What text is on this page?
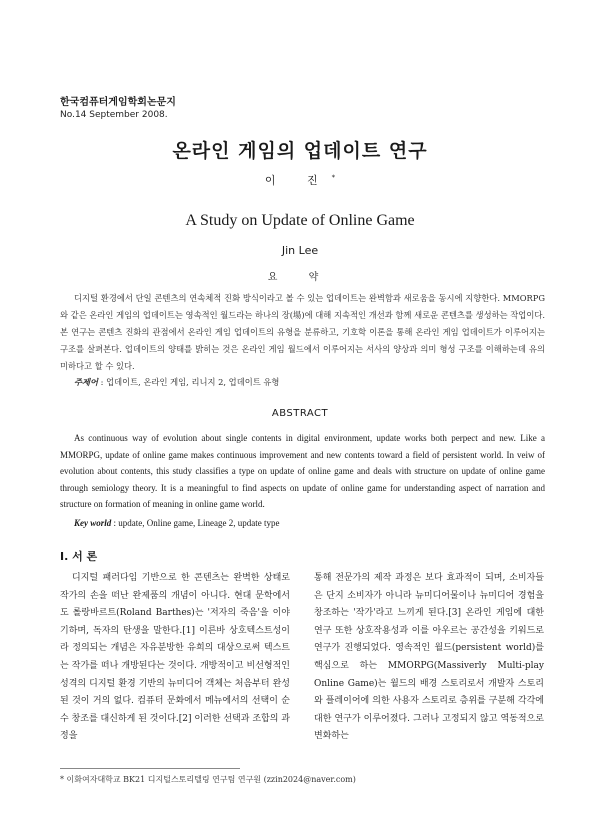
한국컴퓨터게임학회논문지
No.14 September 2008.
온라인 게임의 업데이트 연구
이 진*
A Study on Update of Online Game
Jin Lee
요 약

디지털 환경에서 단일 콘텐츠의 연속체적 진화 방식이라고 볼 수 있는 업데이트는 완벽함과 새로움을 동시에 지향한다. MMORPG와 같은 온라인 게임의 업데이트는 영속적인 월드라는 하나의 장(場)에 대해 지속적인 개선과 함께 새로운 콘텐츠를 생성하는 작업이다. 본 연구는 콘텐츠 진화의 관점에서 온라인 게임 업데이트의 유형을 분류하고, 기호학 이론을 통해 온라인 게임 업데이트가 이루어지는 구조를 살펴본다. 업데이트의 양태를 밝히는 것은 온라인 게임 월드에서 이루어지는 서사의 양상과 의미 형성 구조를 이해하는데 유의미하다고 할 수 있다.

주제어 : 업데이트, 온라인 게임, 리니지 2, 업데이트 유형
ABSTRACT

As continuous way of evolution about single contents in digital environment, update works both perpect and new. Like a MMORPG, update of online game makes continuous improvement and new contents toward a field of persistent world. In veiw of evolution about contents, this study classifies a type on update of online game and deals with structure on update of online game through semiology theory. It is a meaningful to find aspects on update of online game for understanding aspect of narration and structure on formation of meaning in online game world.

Key world : update, Online game, Lineage 2, update type
Ⅰ. 서 론

디지털 패러다임 기반으로 한 콘텐츠는 완벽한 상태로 작가의 손을 떠난 완제품의 개념이 아니다. 현대 문학에서도 롤랑바르트(Roland Barthes)는 '저자의 죽음'을 이야기하며, 독자의 탄생을 말한다.[1] 이른바 상호텍스트성이라 정의되는 개념은 자유분방한 유희의 대상으로써 텍스트는 작가를 떠나 개방된다는 것이다. 개방적이고 비선형적인 성격의 디지털 환경 기반의 뉴미디어 객체는 처음부터 완성된 것이 거의 없다. 컴퓨터 문화에서 메뉴에서의 선택이 순수 창조를 대신하게 된 것이다.[2] 이러한 선택과 조합의 과정을

통해 전문가의 제작 과정은 보다 효과적이 되며, 소비자들은 단지 소비자가 아니라 뉴미디어물이나 뉴미디어 경험을 창조하는 '작가'라고 느끼게 된다.[3] 온라인 게임에 대한 연구 또한 상호작용성과 이를 아우르는 공간성을 키워드로 연구가 진행되었다. 영속적인 월드(persistent world)를 핵심으로 하는 MMORPG(Massiverly Multi-play Online Game)는 월드의 배경 스토리로서 개발자 스토리와 플레이어에 의한 사용자 스토리로 층위를 구분해 각각에 대한 연구가 이루어졌다. 그러나 고정되지 않고 역동적으로 변화하는

* 이화여자대학교 BK21 디지털스토리텔링 연구팀 연구원 (zzin2024@naver.com)
